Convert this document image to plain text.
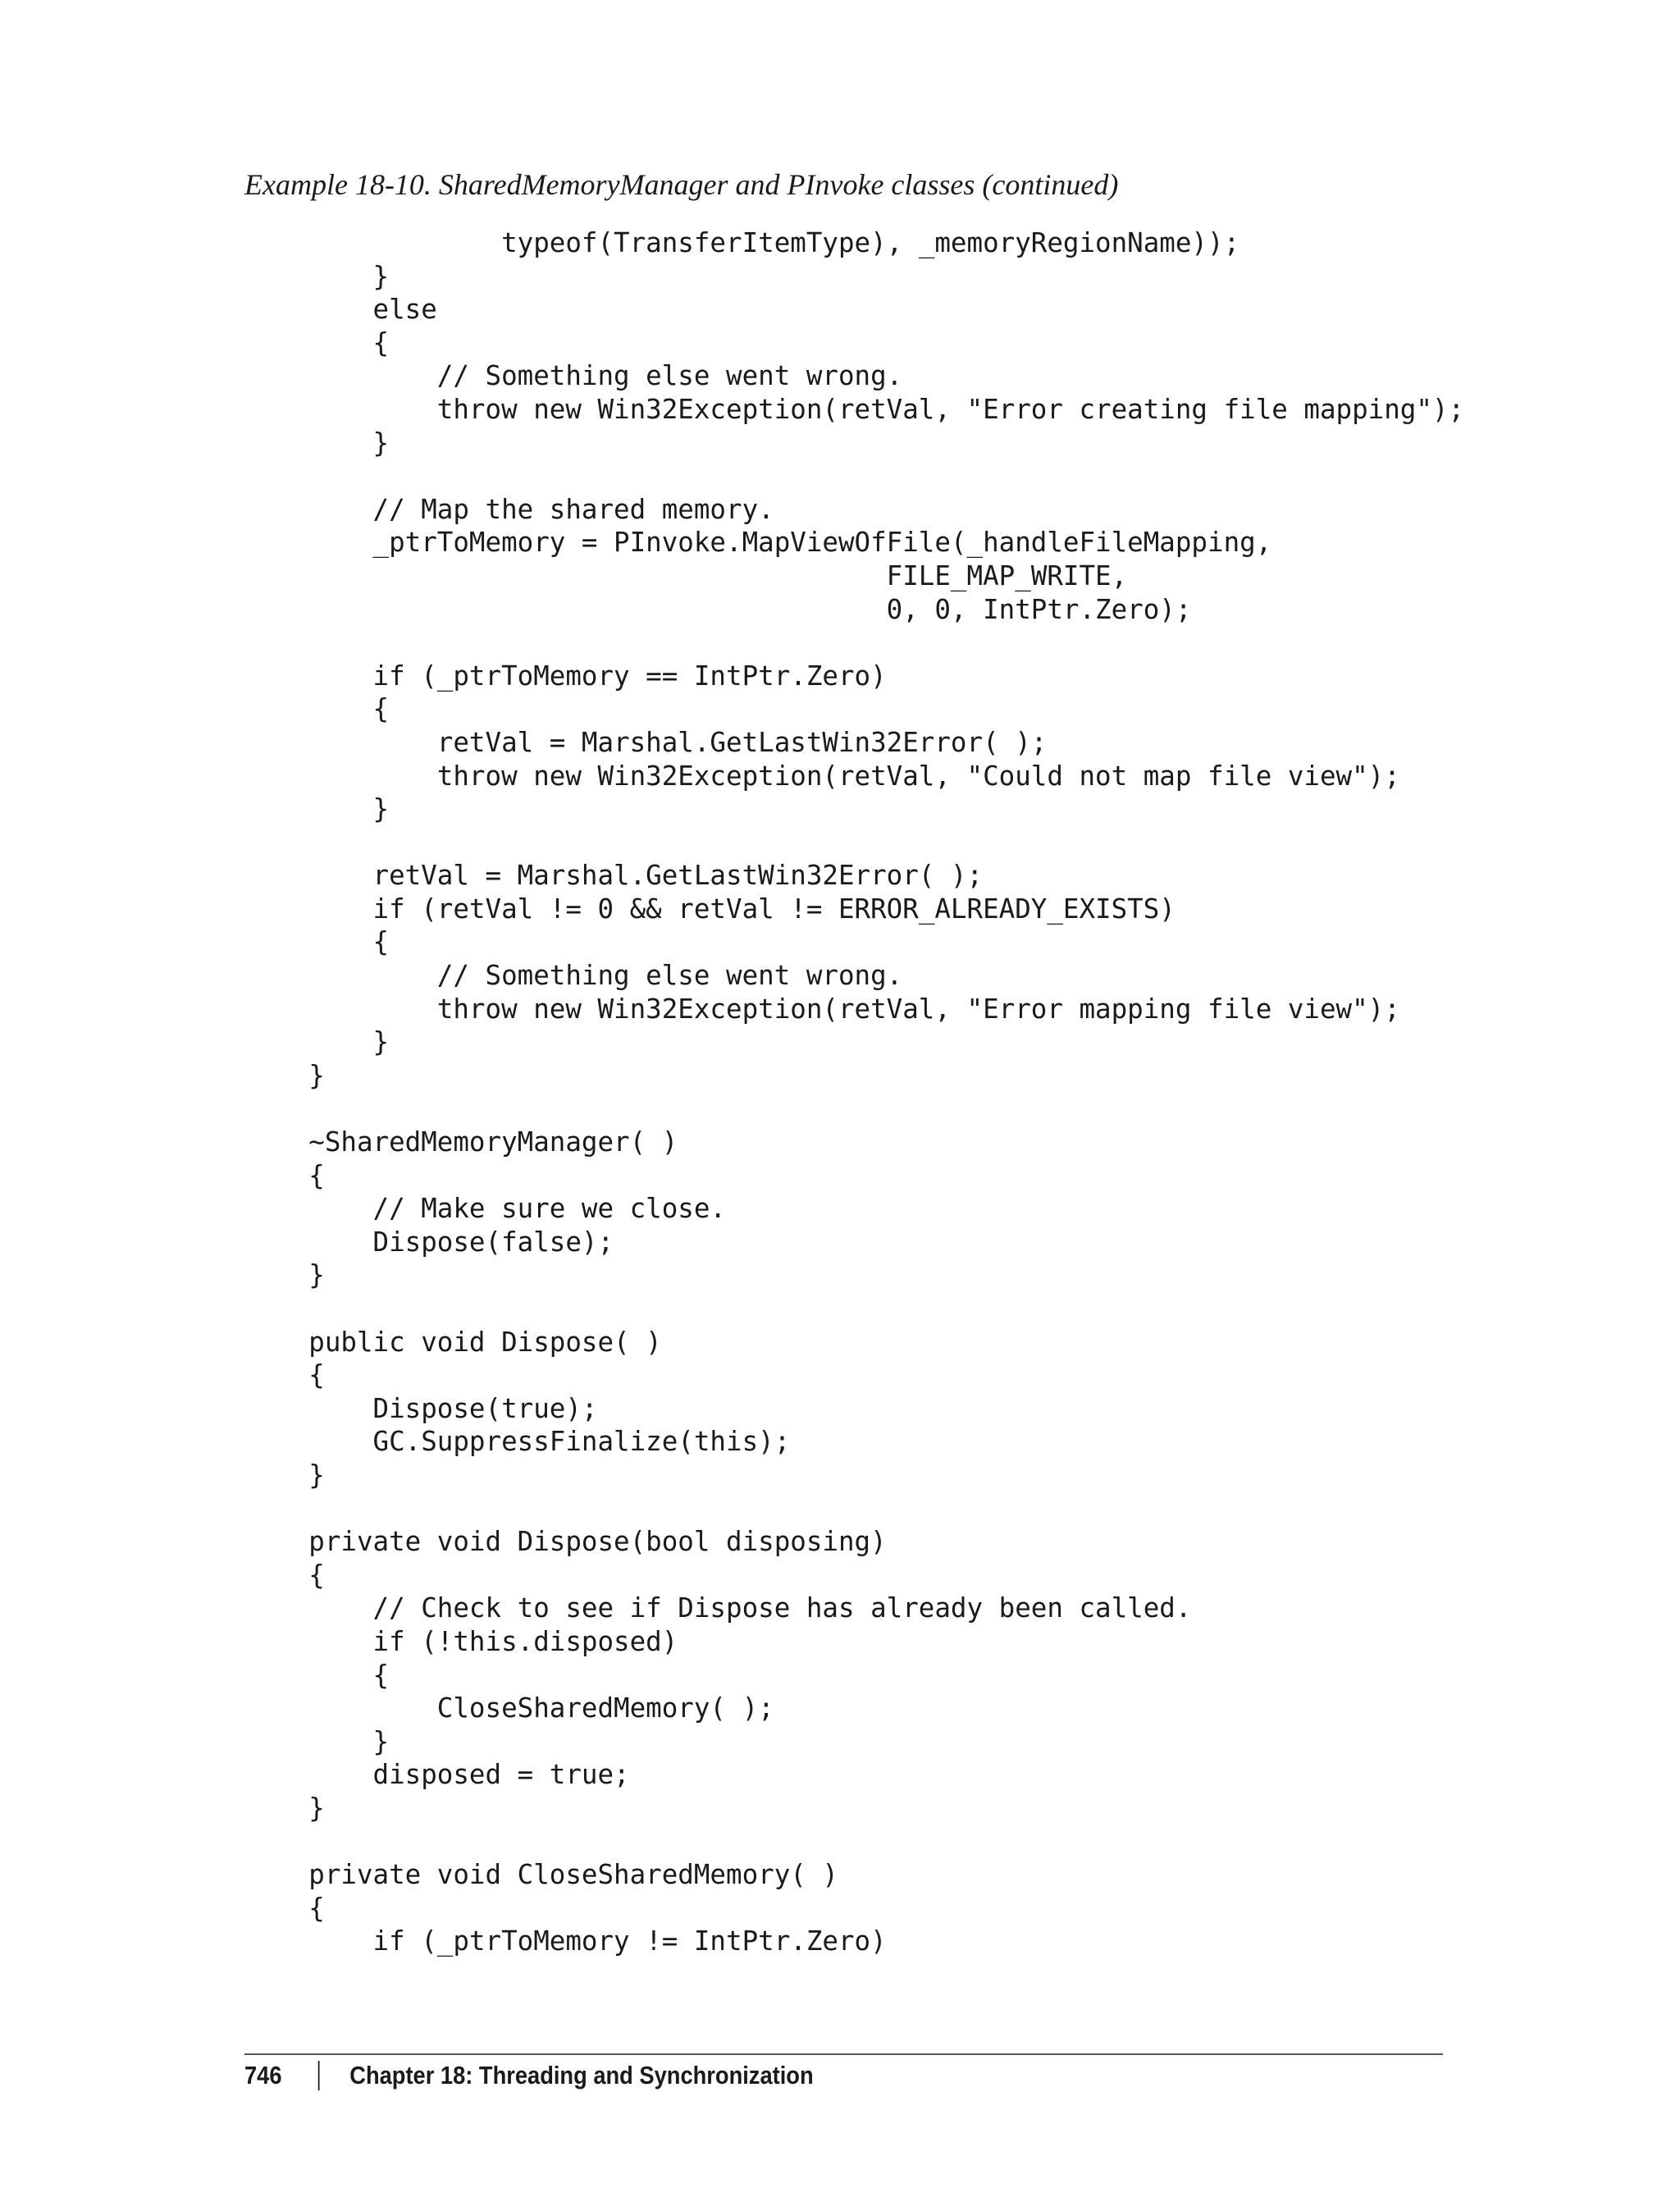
Example 18-10. SharedMemoryManager and PInvoke classes (continued)
typeof(TransferItemType), _memoryRegionName));
}
else
{
// Something else went wrong.
throw new Win32Exception(retVal, "Error creating file mapping");
}
// Map the shared memory.
_ptrToMemory = PInvoke.MapViewOfFile(_handleFileMapping,
FILE_MAP_WRITE,
0, 0, IntPtr.Zero);
if (_ptrToMemory == IntPtr.Zero)
{
retVal = Marshal.GetLastWin32Error( );
throw new Win32Exception(retVal, "Could not map file view");
}
retVal = Marshal.GetLastWin32Error( );
if (retVal != 0 && retVal != ERROR_ALREADY_EXISTS)
{
// Something else went wrong.
throw new Win32Exception(retVal, "Error mapping file view");
}
}
~SharedMemoryManager( )
{
// Make sure we close.
Dispose(false);
}
public void Dispose( )
{
Dispose(true);
GC.SuppressFinalize(this);
}
private void Dispose(bool disposing)
{
// Check to see if Dispose has already been called.
if (!this.disposed)
{
CloseSharedMemory( );
}
disposed = true;
}
private void CloseSharedMemory( )
{
if (_ptrToMemory != IntPtr.Zero)
746	Chapter 18: Threading and Synchronization
